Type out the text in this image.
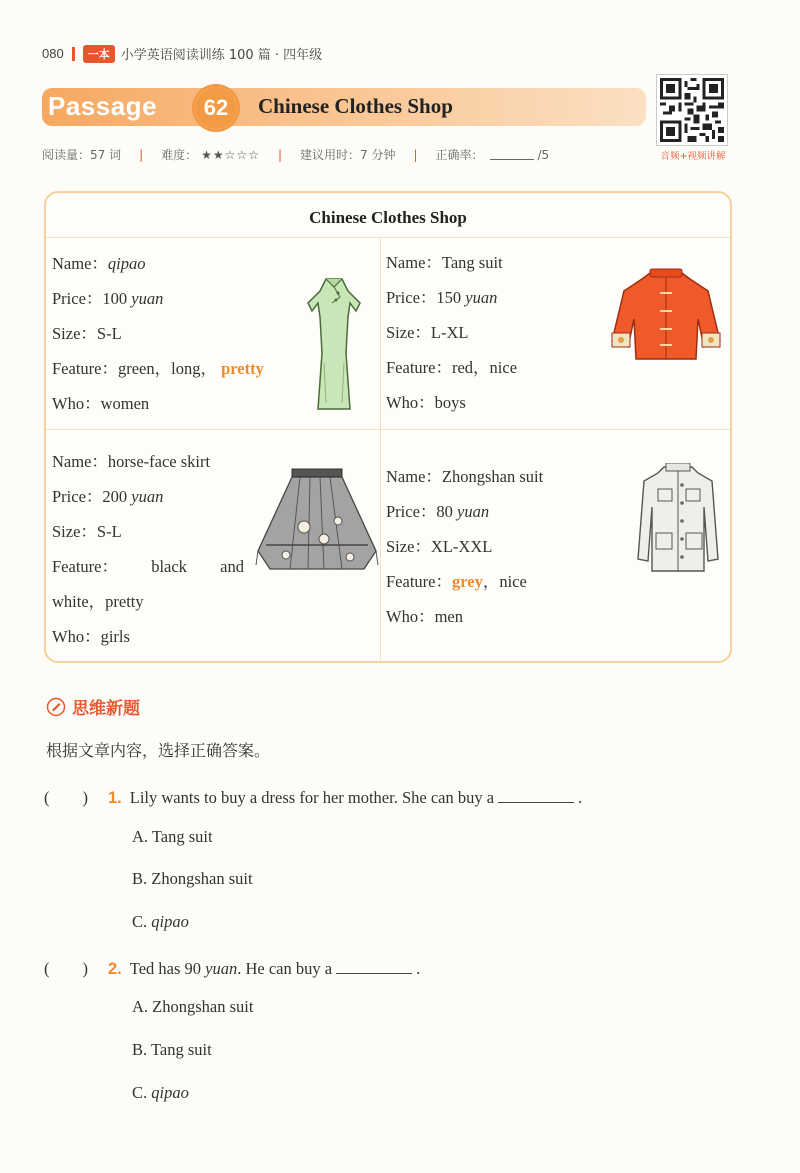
080	一本 小学英语阅读训练 100 篇 · 四年级
Passage	62	Chinese Clothes Shop
音频+视频讲解
阅读量：57 词 | 难度： ★★☆☆☆ | 建议用时：7 分钟 | 正确率：	/5
Chinese Clothes Shop
Name：qipao
Price：100 yuan
Size：S-L
Feature：green，long， pretty
Who：women
Name：Tang suit
Price：150 yuan
Size：L-XL
Feature：red，nice
Who：boys
Name：horse-face skirt
Price：200 yuan
Size：S-L
Feature： black and
white，pretty
Who：girls
Name：Zhongshan suit
Price：80 yuan
Size：XL-XXL
Feature：grey，nice
Who：men
思维新题
根据文章内容，选择正确答案。
(　　) 1. Lily wants to buy a dress for her mother. She can buy a	.
A. Tang suit
B. Zhongshan suit
C. qipao
(　　) 2. Ted has 90 yuan. He can buy a	.
A. Zhongshan suit
B. Tang suit
C. qipao
